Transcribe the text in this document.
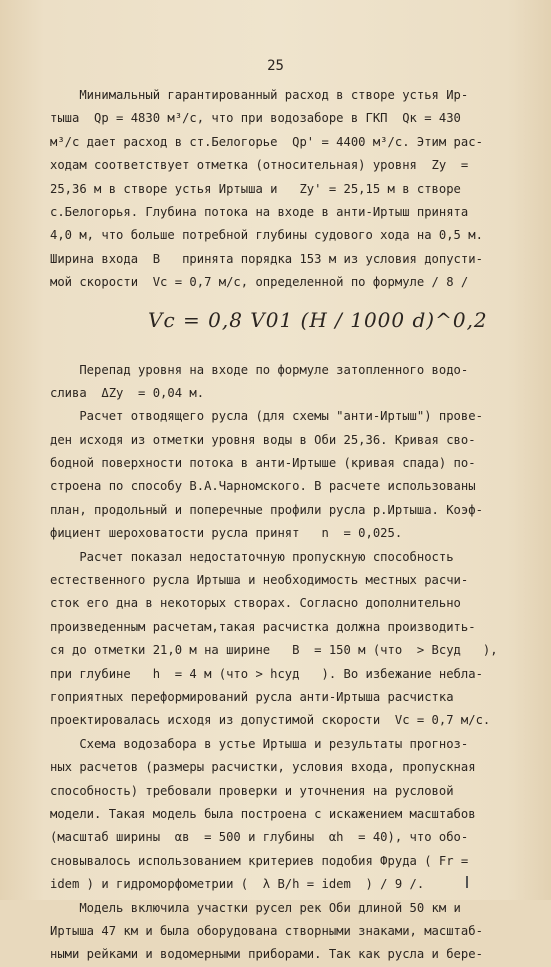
25
Минимальный гарантированный расход в створе устья Ир-
тыша  Qр = 4830 м³/с, что при водозаборе в ГКП  Qк = 430
м³/с дает расход в ст.Белогорье  Qр' = 4400 м³/с. Этим рас-
ходам соответствует отметка (относительная) уровня  Zу  =
25,36 м в створе устья Иртыша и   Zу' = 25,15 м в створе
с.Белогорья. Глубина потока на входе в анти-Иртыш принята
4,0 м, что больше потребной глубины судового хода на 0,5 м.
Ширина входа  В   принята порядка 153 м из условия допусти-
мой скорости  Vс = 0,7 м/с, определенной по формуле / 8 /
Vс = 0,8 V01 (H / 1000 d)^0,2
Перепад уровня на входе по формуле затопленного водо-
слива  ΔZу  = 0,04 м.
Расчет отводящего русла (для схемы "анти-Иртыш") прове-
ден исходя из отметки уровня воды в Оби 25,36. Кривая сво-
бодной поверхности потока в анти-Иртыше (кривая спада) по-
строена по способу В.А.Чарномского. В расчете использованы
план, продольный и поперечные профили русла р.Иртыша. Коэф-
фициент шероховатости русла принят   n  = 0,025.
Расчет показал недостаточную пропускную способность
естественного русла Иртыша и необходимость местных расчи-
сток его дна в некоторых створах. Согласно дополнительно
произведенным расчетам,такая расчистка должна производить-
ся до отметки 21,0 м на ширине   В  = 150 м (что  > Всуд   ),
при глубине   h  = 4 м (что > hсуд   ). Во избежание небла-
гоприятных переформирований русла анти-Иртыша расчистка
проектировалась исходя из допустимой скорости  Vс = 0,7 м/с.
Схема водозабора в устье Иртыша и результаты прогноз-
ных расчетов (размеры расчистки, условия входа, пропускная
способность) требовали проверки и уточнения на русловой
модели. Такая модель была построена с искажением масштабов
(масштаб ширины  αв  = 500 и глубины  αh  = 40), что обо-
сновывалось использованием критериев подобия Фруда ( Fr =
idem ) и гидроморфометрии (  λ B/h = idem  ) / 9 /.
Модель включила участки русел рек Оби длиной 50 км и
Иртыша 47 км и была оборудована створными знаками, масштаб-
ными рейками и водомерными приборами. Так как русла и бере-
